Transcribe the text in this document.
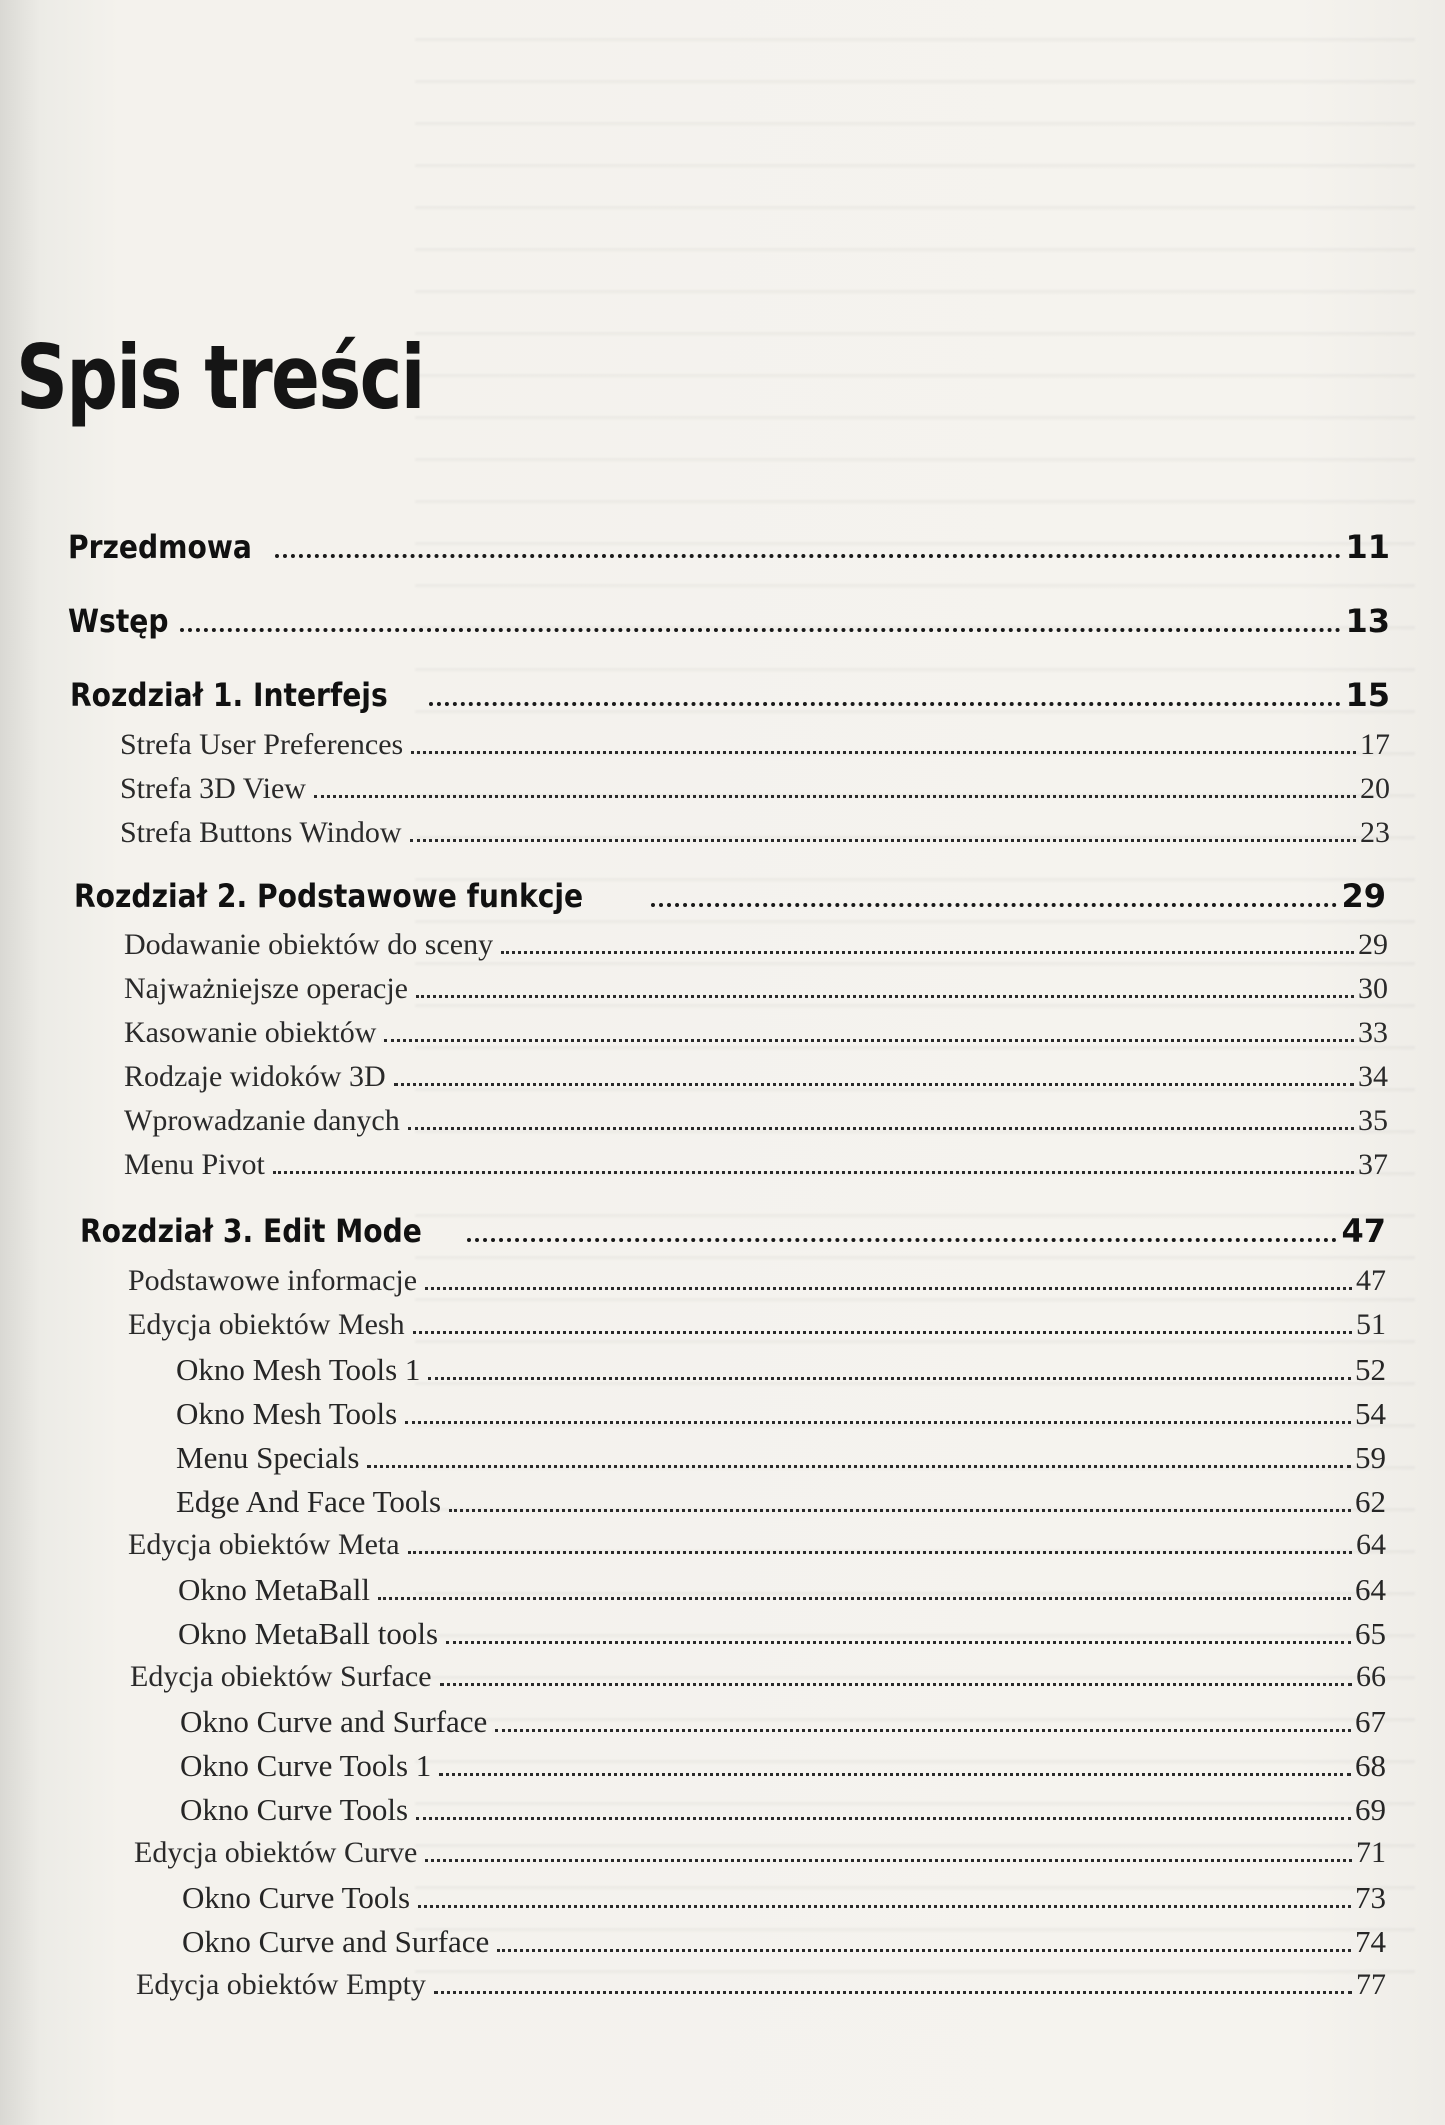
Spis treści
Przedmowa	11
Wstęp	13
Rozdział 1. Interfejs	15
Strefa User Preferences	17
Strefa 3D View	20
Strefa Buttons Window	23
Rozdział 2. Podstawowe funkcje	29
Dodawanie obiektów do sceny	29
Najważniejsze operacje	30
Kasowanie obiektów	33
Rodzaje widoków 3D	34
Wprowadzanie danych	35
Menu Pivot	37
Rozdział 3. Edit Mode	47
Podstawowe informacje	47
Edycja obiektów Mesh	51
Okno Mesh Tools 1	52
Okno Mesh Tools	54
Menu Specials	59
Edge And Face Tools	62
Edycja obiektów Meta	64
Okno MetaBall	64
Okno MetaBall tools	65
Edycja obiektów Surface	66
Okno Curve and Surface	67
Okno Curve Tools 1	68
Okno Curve Tools	69
Edycja obiektów Curve	71
Okno Curve Tools	73
Okno Curve and Surface	74
Edycja obiektów Empty	77
